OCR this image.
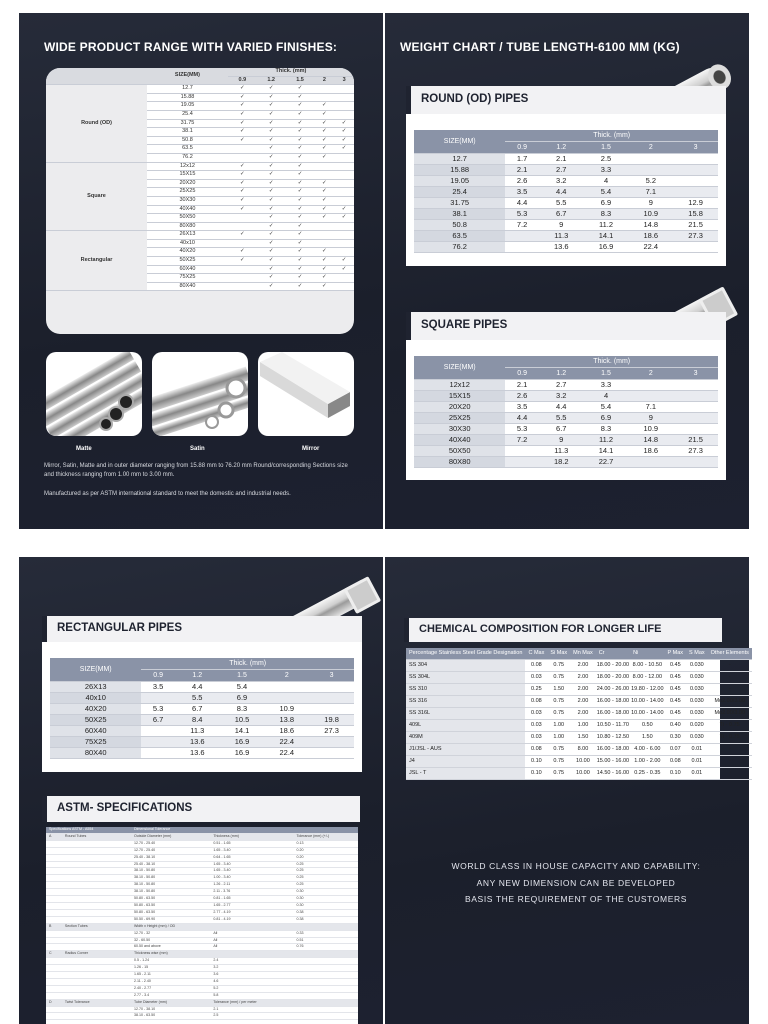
WIDE PRODUCT RANGE WITH VARIED FINISHES:
	SIZE(MM)	Thick. (mm)				
		0.9	1.2	1.5	2	3
Round (OD)	12.7	✓	✓	✓		
	15.88	✓	✓	✓		
	19.05	✓	✓	✓	✓	
	25.4	✓	✓	✓	✓	
	31.75	✓	✓	✓	✓	✓
	38.1	✓	✓	✓	✓	✓
	50.8	✓	✓	✓	✓	✓
	63.5		✓	✓	✓	✓
	76.2		✓	✓	✓	
Square	12x12	✓	✓	✓		
	15X15	✓	✓	✓		
	20X20	✓	✓	✓	✓	
	25X25	✓	✓	✓	✓	
	30X30	✓	✓	✓	✓	
	40X40	✓	✓	✓	✓	✓
	50X50		✓	✓	✓	✓
	80X80		✓	✓		
Rectangular	26X13	✓	✓	✓		
	40x10		✓	✓		
	40X20	✓	✓	✓	✓	
	50X25	✓	✓	✓	✓	✓
	60X40		✓	✓	✓	✓
	75X25		✓	✓	✓	
	80X40		✓	✓	✓	
Matte	Satin	Mirror
Mirror, Satin, Matte and in outer diameter ranging from 15.88 mm to 76.20 mm Round/corresponding Sections size and thickness ranging from 1.00 mm to 3.00 mm.
Manufactured as per ASTM international standard to meet the domestic and industrial needs.
WEIGHT CHART / TUBE LENGTH-6100 MM (KG)
ROUND (OD) PIPES
SIZE(MM)	Thick. (mm)				
	0.9	1.2	1.5	2	3
12.7	1.7	2.1	2.5		
15.88	2.1	2.7	3.3		
19.05	2.6	3.2	4	5.2	
25.4	3.5	4.4	5.4	7.1	
31.75	4.4	5.5	6.9	9	12.9
38.1	5.3	6.7	8.3	10.9	15.8
50.8	7.2	9	11.2	14.8	21.5
63.5		11.3	14.1	18.6	27.3
76.2		13.6	16.9	22.4	
SQUARE PIPES
SIZE(MM)	Thick. (mm)				
	0.9	1.2	1.5	2	3
12x12	2.1	2.7	3.3		
15X15	2.6	3.2	4		
20X20	3.5	4.4	5.4	7.1	
25X25	4.4	5.5	6.9	9	
30X30	5.3	6.7	8.3	10.9	
40X40	7.2	9	11.2	14.8	21.5
50X50		11.3	14.1	18.6	27.3
80X80		18.2	22.7		
RECTANGULAR PIPES
SIZE(MM)	Thick. (mm)				
	0.9	1.2	1.5	2	3
26X13	3.5	4.4	5.4		
40x10		5.5	6.9		
40X20	5.3	6.7	8.3	10.9	
50X25	6.7	8.4	10.5	13.8	19.8
60X40		11.3	14.1	18.6	27.3
75X25		13.6	16.9	22.4	
80X40		13.6	16.9	22.4	
ASTM- SPECIFICATIONS
Specifications ASTM - A554		Dimensional Tolerance		
A	Round Tubes	Outside Diameter (mm)	Thickness (mm)	Tolerance (mm) (+/-)
		12.70 - 25.40	0.51 - 1.65	0.13
		12.70 - 25.40	1.65 - 3.40	0.20
		25.40 - 38.10	0.64 - 1.65	0.20
		25.40 - 38.10	1.65 - 3.40	0.25
		38.10 - 50.80	1.65 - 3.40	0.25
		38.10 - 50.80	1.00 - 3.40	0.25
		38.10 - 50.80	1.26 - 2.11	0.25
		38.10 - 50.80	2.11 - 3.76	0.30
		50.80 - 63.50	0.81 - 1.65	0.30
		50.80 - 63.50	1.65 - 2.77	0.30
		50.80 - 63.50	2.77 - 4.19	0.38
		50.50 - 69.90	0.81 - 4.19	0.38
B	Section Tubes	Width x Height (mm) / OD		
		12.70 - 32	All	0.33
		32 - 60.50	All	0.51
		60.50 and above	All	0.76
C	Radius Corner	Thickness wise (mm)		
		0.5 - 1.24	2.4	
		1.26 - 15	3.2	
		1.65 - 2.11	3.6	
		2.11 - 2.40	4.6	
		2.40 - 2.77	5.2	
		2.77 - 3.4	5.8	
D	Twist Tolerance	Tube Diameter (mm)	Tolerance (mm) / per meter	
		12.70 - 38.10	2.1	
		38.10 - 63.50	2.5	
CHEMICAL COMPOSITION FOR LONGER LIFE
Percentage Stainless Steel Grade Designation	C Max	Si Max	Mn Max	Cr	Ni	P Max	S Max	Other Elements
SS 304	0.08	0.75	2.00	18.00 - 20.00	8.00 - 10.50	0.45	0.030	-
SS 304L	0.03	0.75	2.00	18.00 - 20.00	8.00 - 12.00	0.45	0.030	-
SS 310	0.25	1.50	2.00	24.00 - 26.00	19.80 - 12.00	0.45	0.030	-
SS 316	0.08	0.75	2.00	16.00 - 18.00	10.00 - 14.00	0.45	0.030	Mo2.00/3.00
SS 316L	0.03	0.75	2.00	16.00 - 18.00	10.00 - 14.00	0.45	0.030	Mo2.00/3.00
409L	0.03	1.00	1.00	10.50 - 11.70	0.50	0.40	0.020	Ti - 0.75
409M	0.03	1.00	1.50	10.80 - 12.50	1.50	0.30	0.030	Ti - 0.75
J1/JSL - AUS	0.08	0.75	8.00	16.00 - 18.00	4.00 - 6.00	0.07	0.01	-
J4	0.10	0.75	10.00	15.00 - 16.00	1.00 - 2.00	0.08	0.01	-
JSL - T	0.10	0.75	10.00	14.50 - 16.00	0.25 - 0.35	0.10	0.01	-
WORLD CLASS IN HOUSE CAPACITY AND CAPABILITY:
ANY NEW DIMENSION CAN BE DEVELOPED
BASIS THE REQUIREMENT OF THE CUSTOMERS
